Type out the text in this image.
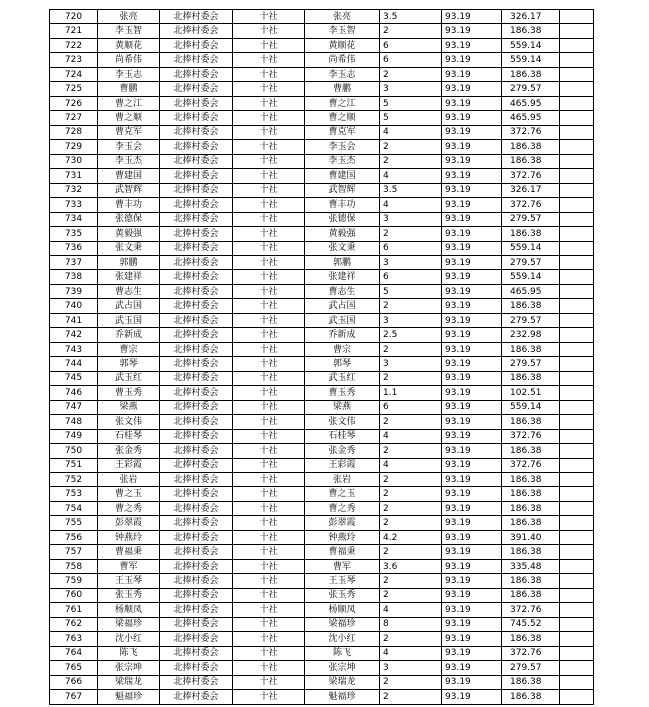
720	张亮	北捧村委会	十社	张亮	3.5	93.19	326.17	
721	李玉智	北捧村委会	十社	李玉智	2	93.19	186.38	
722	黄顺花	北捧村委会	十社	黄顺花	6	93.19	559.14	
723	尚希伟	北捧村委会	十社	尚希伟	6	93.19	559.14	
724	李玉志	北捧村委会	十社	李玉志	2	93.19	186.38	
725	曹鹏	北捧村委会	十社	曹鹏	3	93.19	279.57	
726	曹之江	北捧村委会	十社	曹之江	5	93.19	465.95	
727	曹之顺	北捧村委会	十社	曹之顺	5	93.19	465.95	
728	曹克军	北捧村委会	十社	曹克军	4	93.19	372.76	
729	李玉会	北捧村委会	十社	李玉会	2	93.19	186.38	
730	李玉杰	北捧村委会	十社	李玉杰	2	93.19	186.38	
731	曹建国	北捧村委会	十社	曹建国	4	93.19	372.76	
732	武智辉	北捧村委会	十社	武智辉	3.5	93.19	326.17	
733	曹丰功	北捧村委会	十社	曹丰功	4	93.19	372.76	
734	张德保	北捧村委会	十社	张德保	3	93.19	279.57	
735	黄毅强	北捧村委会	十社	黄毅强	2	93.19	186.38	
736	张文秉	北捧村委会	十社	张文秉	6	93.19	559.14	
737	郭鹏	北捧村委会	十社	郭鹏	3	93.19	279.57	
738	张建祥	北捧村委会	十社	张建祥	6	93.19	559.14	
739	曹志生	北捧村委会	十社	曹志生	5	93.19	465.95	
740	武占国	北捧村委会	十社	武占国	2	93.19	186.38	
741	武玉国	北捧村委会	十社	武玉国	3	93.19	279.57	
742	乔新成	北捧村委会	十社	乔新成	2.5	93.19	232.98	
743	曹宗	北捧村委会	十社	曹宗	2	93.19	186.38	
744	郭琴	北捧村委会	十社	郭琴	3	93.19	279.57	
745	武玉红	北捧村委会	十社	武玉红	2	93.19	186.38	
746	曹玉秀	北捧村委会	十社	曹玉秀	1.1	93.19	102.51	
747	梁燕	北捧村委会	十社	梁燕	6	93.19	559.14	
748	张文伟	北捧村委会	十社	张文伟	2	93.19	186.38	
749	石桂琴	北捧村委会	十社	石桂琴	4	93.19	372.76	
750	张金秀	北捧村委会	十社	张金秀	2	93.19	186.38	
751	王彩霞	北捧村委会	十社	王彩霞	4	93.19	372.76	
752	张岩	北捧村委会	十社	张岩	2	93.19	186.38	
753	曹之玉	北捧村委会	十社	曹之玉	2	93.19	186.38	
754	曹之秀	北捧村委会	十社	曹之秀	2	93.19	186.38	
755	彭翠霞	北捧村委会	十社	彭翠霞	2	93.19	186.38	
756	钟燕玲	北捧村委会	十社	钟燕玲	4.2	93.19	391.40	
757	曹福秉	北捧村委会	十社	曹福秉	2	93.19	186.38	
758	曹军	北捧村委会	十社	曹军	3.6	93.19	335.48	
759	王玉琴	北捧村委会	十社	王玉琴	2	93.19	186.38	
760	张玉秀	北捧村委会	十社	张玉秀	2	93.19	186.38	
761	杨顺凤	北捧村委会	十社	杨顺凤	4	93.19	372.76	
762	梁福珍	北捧村委会	十社	梁福珍	8	93.19	745.52	
763	沈小红	北捧村委会	十社	沈小红	2	93.19	186.38	
764	陈飞	北捧村委会	十社	陈飞	4	93.19	372.76	
765	张宗坤	北捧村委会	十社	张宗坤	3	93.19	279.57	
766	梁瑞龙	北捧村委会	十社	梁瑞龙	2	93.19	186.38	
767	魁福珍	北捧村委会	十社	魁福珍	2	93.19	186.38	
